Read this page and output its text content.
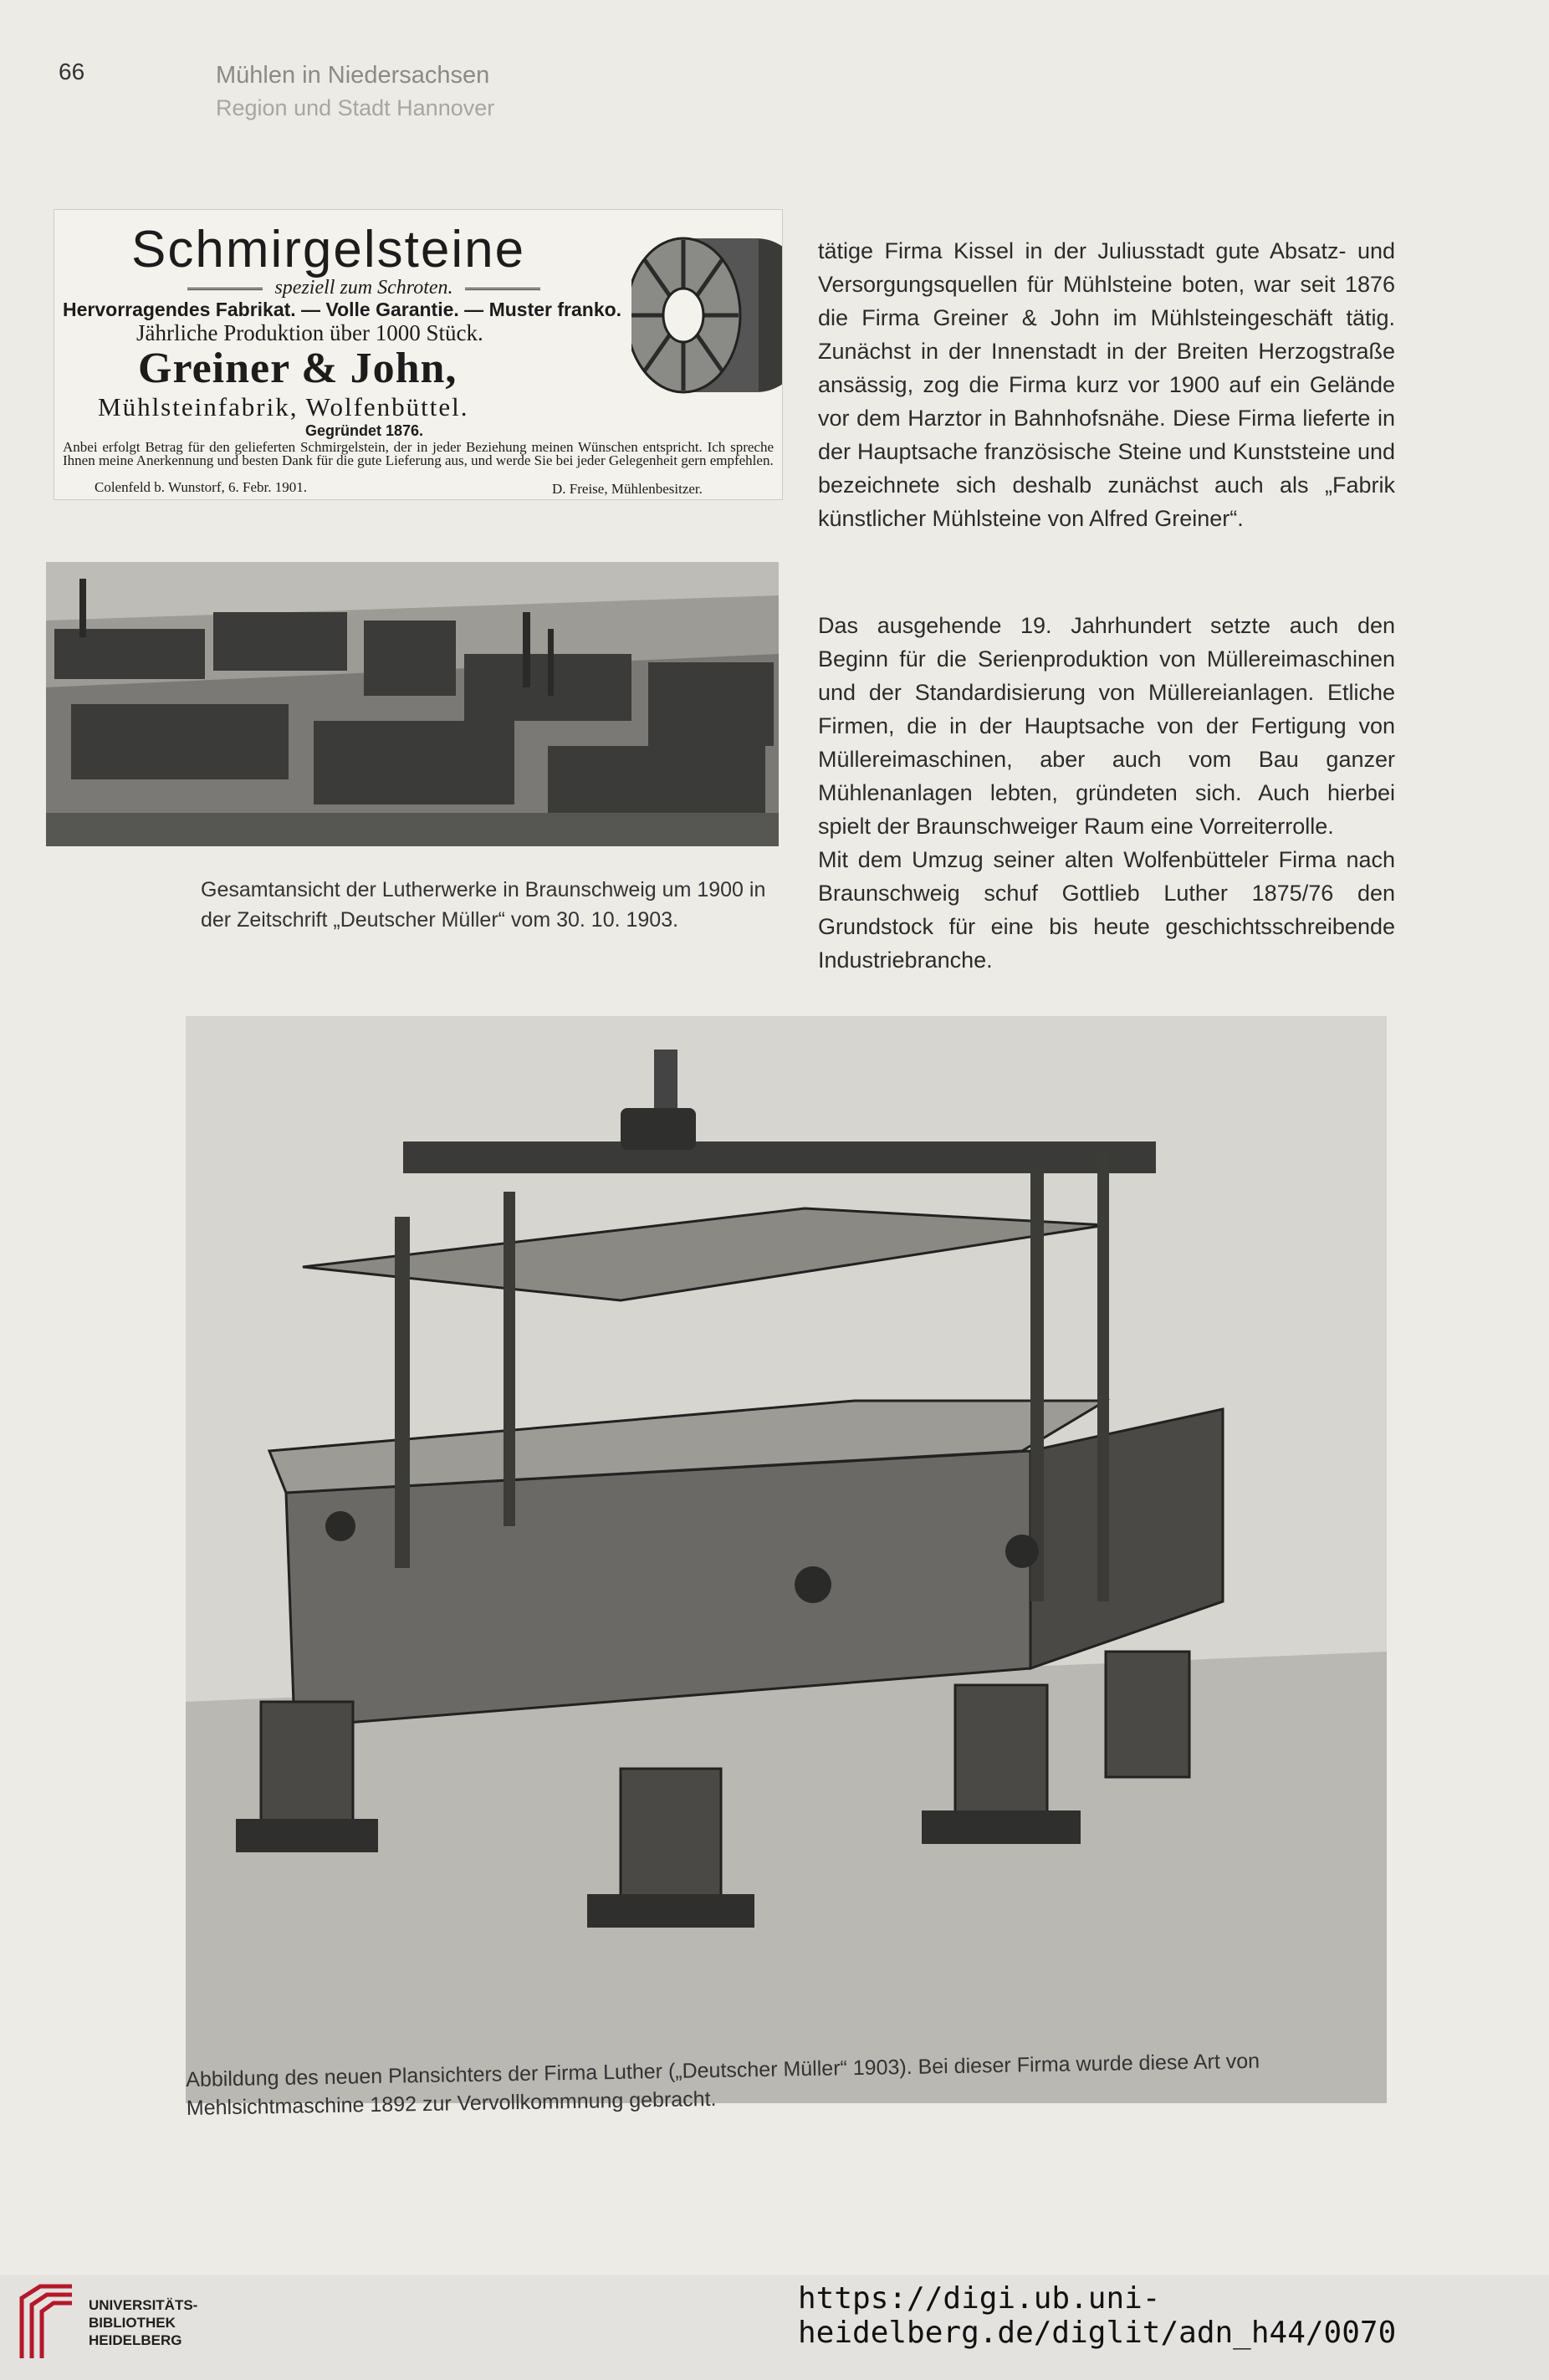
66	Mühlen in Niedersachsen
Region und Stadt Hannover
Schmirgelsteine
speziell zum Schroten.
Hervorragendes Fabrikat. — Volle Garantie. — Muster franko.
Jährliche Produktion über 1000 Stück.
Greiner & John,
Mühlsteinfabrik, Wolfenbüttel.
Gegründet 1876.
Anbei erfolgt Betrag für den gelieferten Schmirgelstein, der in jeder Beziehung meinen Wünschen entspricht. Ich spreche Ihnen meine Anerkennung und besten Dank für die gute Lieferung aus, und werde Sie bei jeder Gelegenheit gern empfehlen.
Colenfeld b. Wunstorf, 6. Febr. 1901.	D. Freise, Mühlenbesitzer.
Gesamtansicht der Lutherwerke in Braunschweig um 1900 in der Zeitschrift „Deutscher Müller“ vom 30. 10. 1903.

tätige Firma Kissel in der Juliusstadt gute Absatz- und Versorgungsquellen für Mühlsteine boten, war seit 1876 die Firma Greiner & John im Mühlsteingeschäft tätig. Zunächst in der Innenstadt in der Breiten Herzogstraße ansässig, zog die Firma kurz vor 1900 auf ein Gelände vor dem Harztor in Bahnhofsnähe. Diese Firma lieferte in der Hauptsache französische Steine und Kunststeine und bezeichnete sich deshalb zunächst auch als „Fabrik künstlicher Mühlsteine von Alfred Greiner“.

Das ausgehende 19. Jahrhundert setzte auch den Beginn für die Serienproduktion von Müllereimaschinen und der Standardisierung von Müllereianlagen. Etliche Firmen, die in der Hauptsache von der Fertigung von Müllereimaschinen, aber auch vom Bau ganzer Mühlenanlagen lebten, gründeten sich. Auch hierbei spielt der Braunschweiger Raum eine Vorreiterrolle.

Mit dem Umzug seiner alten Wolfenbütteler Firma nach Braunschweig schuf Gottlieb Luther 1875/76 den Grundstock für eine bis heute geschichtsschreibende Industriebranche.

Abbildung des neuen Plansichters der Firma Luther („Deutscher Müller“ 1903). Bei dieser Firma wurde diese Art von Mehlsichtmaschine 1892 zur Vervollkommnung gebracht.
UNIVERSITÄTS-
BIBLIOTHEK
HEIDELBERG
https://digi.ub.uni-heidelberg.de/diglit/adn_h44/0070
